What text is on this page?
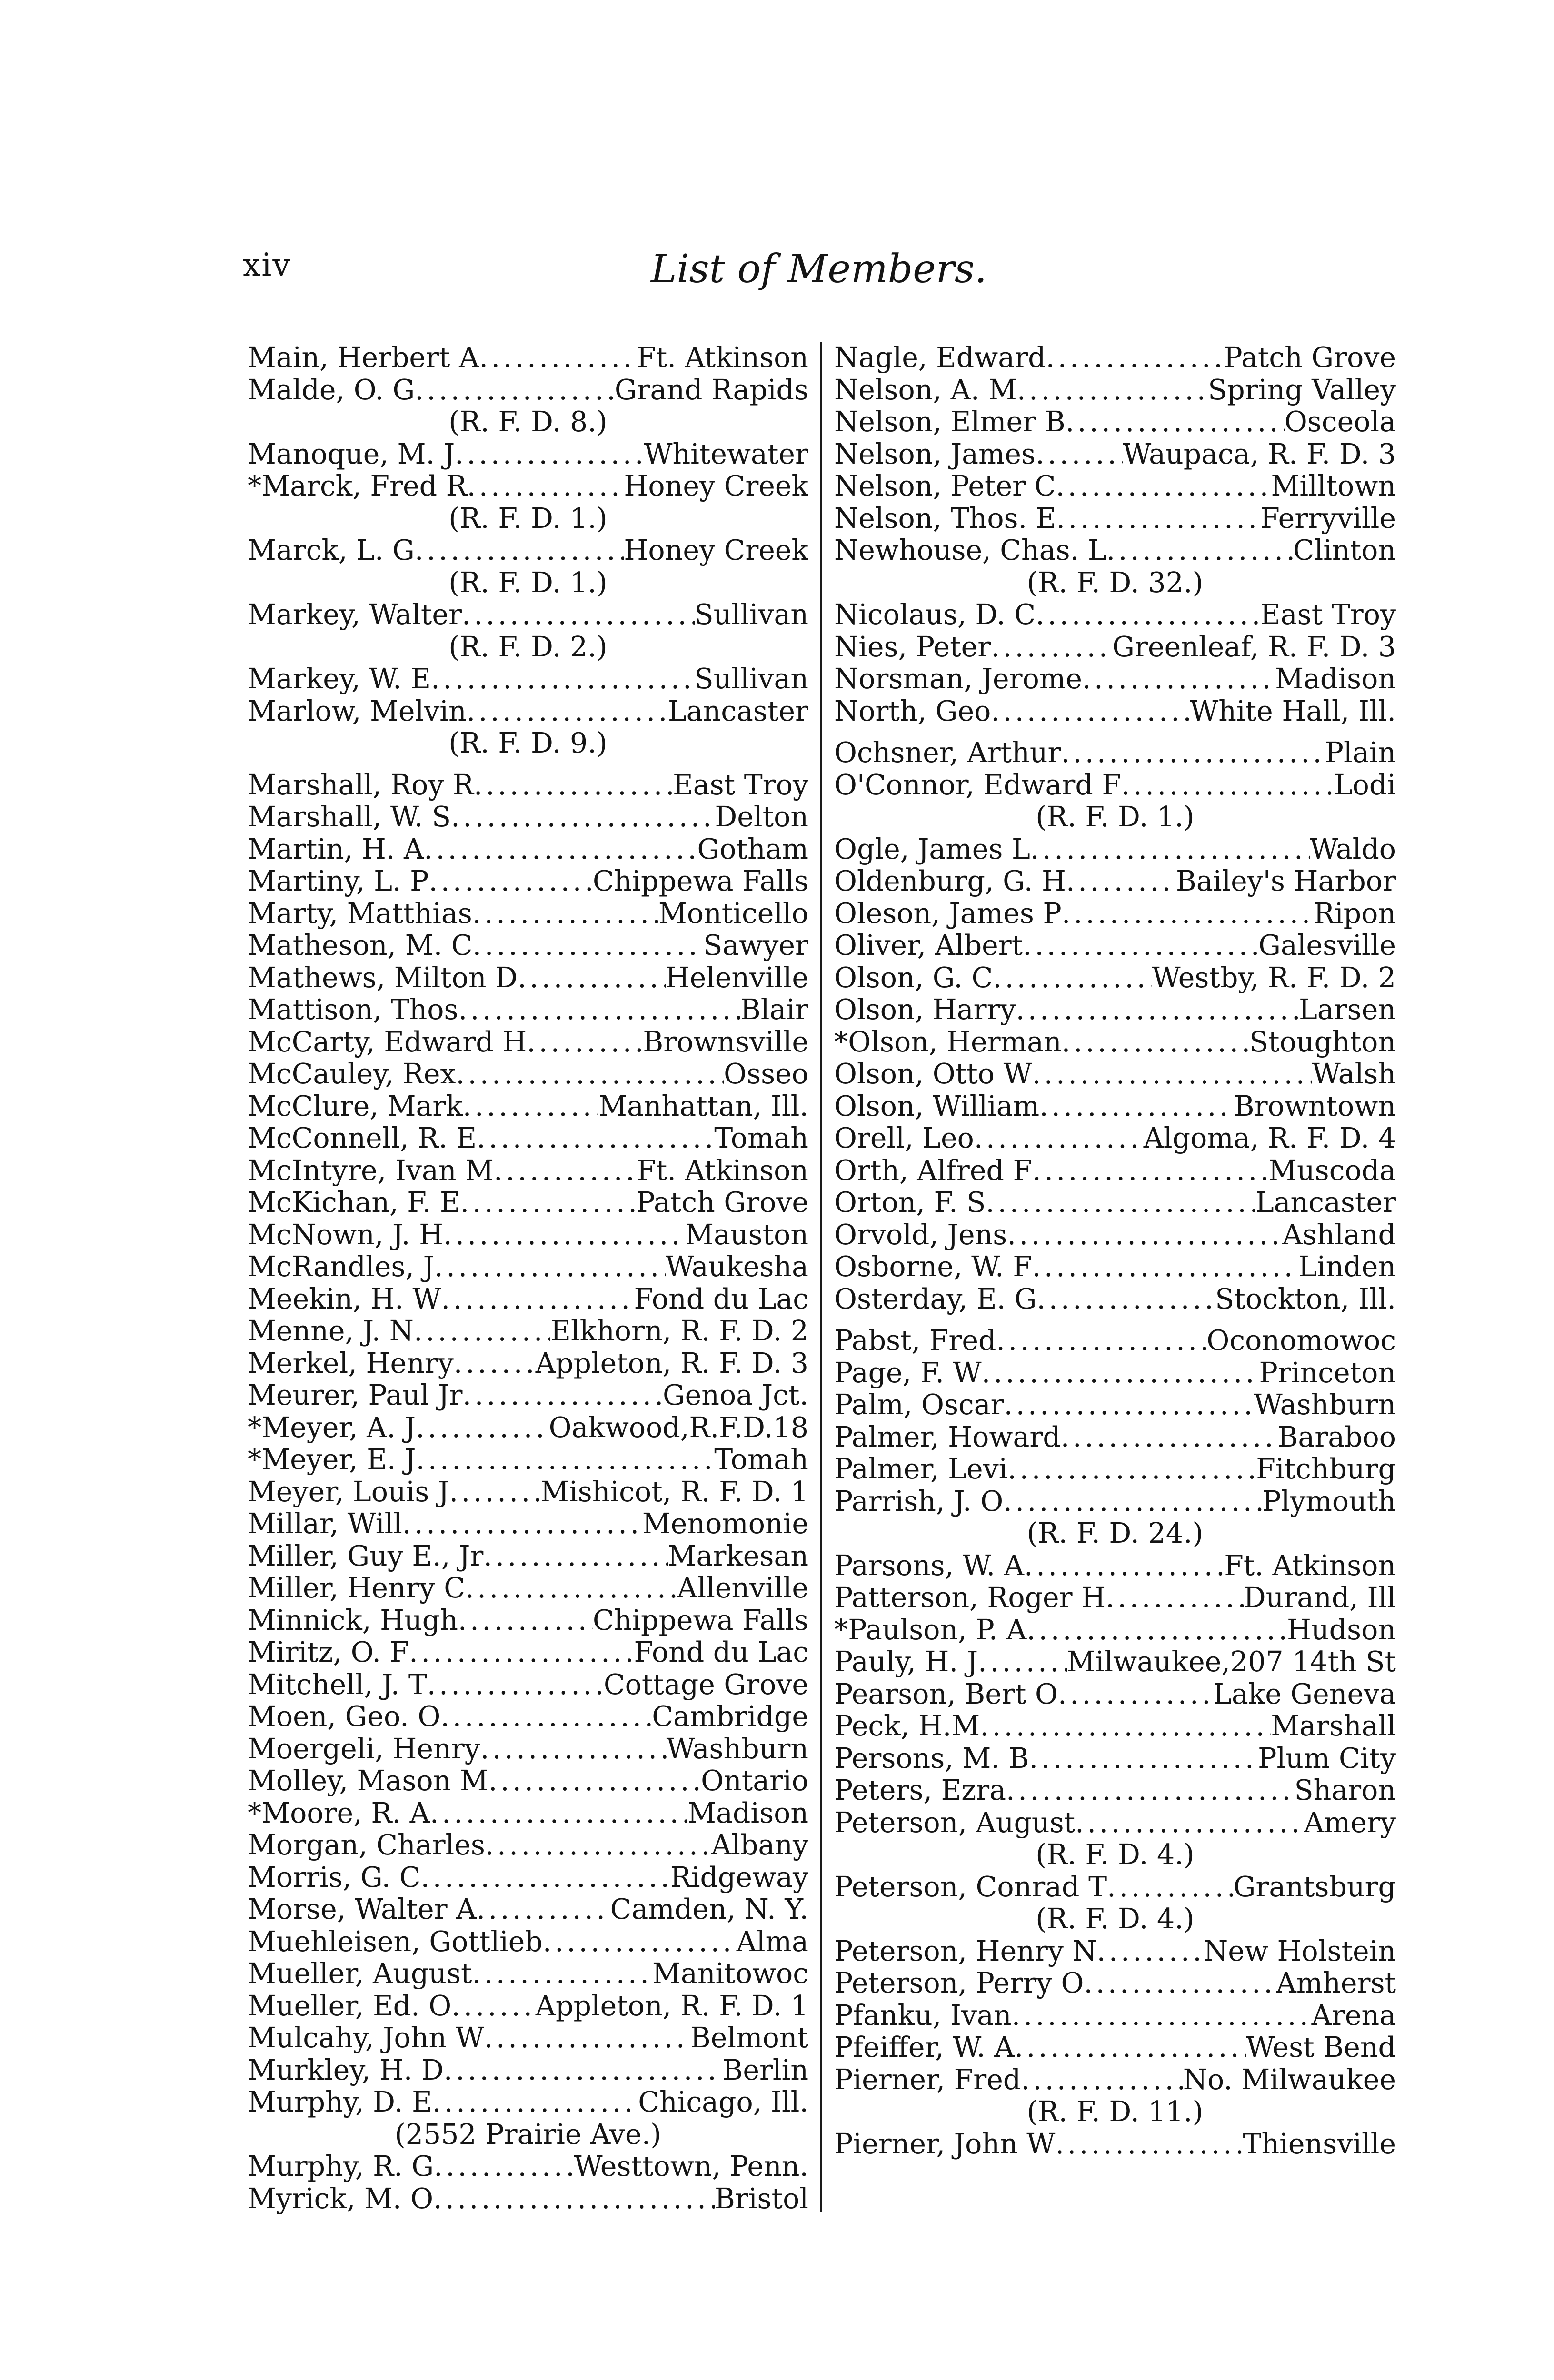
xiv	List of Members.
Main, Herbert A . . .	Ft. Atkinson
Malde, O. G . . .	Grand Rapids
(R. F. D. 8.)
Manoque, M. J . . .	Whitewater
*Marck, Fred R . . .	Honey Creek
(R. F. D. 1.)
Marck, L. G . . .	Honey Creek
(R. F. D. 1.)
Markey, Walter . . .	Sullivan
(R. F. D. 2.)
Markey, W. E . . .	Sullivan
Marlow, Melvin . . .	Lancaster
(R. F. D. 9.)
Marshall, Roy R . . .	East Troy
Marshall, W. S . . .	Delton
Martin, H. A . . .	Gotham
Martiny, L. P . . .	Chippewa Falls
Marty, Matthias . . .	Monticello
Matheson, M. C . . .	Sawyer
Mathews, Milton D . . .	Helenville
Mattison, Thos . . .	Blair
McCarty, Edward H . . .	Brownsville
McCauley, Rex . . .	Osseo
McClure, Mark . . .	Manhattan, Ill.
McConnell, R. E . . .	Tomah
McIntyre, Ivan M . . .	Ft. Atkinson
McKichan, F. E . . .	Patch Grove
McNown, J. H . . .	Mauston
McRandles, J . . .	Waukesha
Meekin, H. W . . .	Fond du Lac
Menne, J. N . . .	Elkhorn, R. F. D. 2
Merkel, Henry . . .	Appleton, R. F. D. 3
Meurer, Paul Jr . . .	Genoa Jct.
*Meyer, A. J . . .	Oakwood,R.F.D.18
*Meyer, E. J . . .	Tomah
Meyer, Louis J . . .	Mishicot, R. F. D. 1
Millar, Will . . .	Menomonie
Miller, Guy E., Jr . . .	Markesan
Miller, Henry C . . .	Allenville
Minnick, Hugh . . .	Chippewa Falls
Miritz, O. F . . .	Fond du Lac
Mitchell, J. T . . .	Cottage Grove
Moen, Geo. O . . .	Cambridge
Moergeli, Henry . . .	Washburn
Molley, Mason M . . .	Ontario
*Moore, R. A . . .	Madison
Morgan, Charles . . .	Albany
Morris, G. C . . .	Ridgeway
Morse, Walter A . . .	Camden, N. Y.
Muehleisen, Gottlieb . . .	Alma
Mueller, August . . .	Manitowoc
Mueller, Ed. O . . .	Appleton, R. F. D. 1
Mulcahy, John W . . .	Belmont
Murkley, H. D . . .	Berlin
Murphy, D. E . . .	Chicago, Ill.
(2552 Prairie Ave.)
Murphy, R. G . . .	Westtown, Penn.
Myrick, M. O . . .	Bristol
Nagle, Edward . . .	Patch Grove
Nelson, A. M . . .	Spring Valley
Nelson, Elmer B . . .	Osceola
Nelson, James . . .	Waupaca, R. F. D. 3
Nelson, Peter C . . .	Milltown
Nelson, Thos. E . . .	Ferryville
Newhouse, Chas. L . . .	Clinton
(R. F. D. 32.)
Nicolaus, D. C . . .	East Troy
Nies, Peter . . .	Greenleaf, R. F. D. 3
Norsman, Jerome . . .	Madison
North, Geo . . .	White Hall, Ill.
Ochsner, Arthur . . .	Plain
O'Connor, Edward F . . .	Lodi
(R. F. D. 1.)
Ogle, James L . . .	Waldo
Oldenburg, G. H . . .	Bailey's Harbor
Oleson, James P . . .	Ripon
Oliver, Albert . . .	Galesville
Olson, G. C . . .	Westby, R. F. D. 2
Olson, Harry . . .	Larsen
*Olson, Herman . . .	Stoughton
Olson, Otto W . . .	Walsh
Olson, William . . .	Browntown
Orell, Leo . . .	Algoma, R. F. D. 4
Orth, Alfred F . . .	Muscoda
Orton, F. S . . .	Lancaster
Orvold, Jens . . .	Ashland
Osborne, W. F . . .	Linden
Osterday, E. G . . .	Stockton, Ill.
Pabst, Fred . . .	Oconomowoc
Page, F. W . . .	Princeton
Palm, Oscar . . .	Washburn
Palmer, Howard . . .	Baraboo
Palmer, Levi . . .	Fitchburg
Parrish, J. O . . .	Plymouth
(R. F. D. 24.)
Parsons, W. A . . .	Ft. Atkinson
Patterson, Roger H . . .	Durand, Ill
*Paulson, P. A . . .	Hudson
Pauly, H. J . . .	Milwaukee,207 14th St
Pearson, Bert O . . .	Lake Geneva
Peck, H.M . . .	Marshall
Persons, M. B . . .	Plum City
Peters, Ezra . . .	Sharon
Peterson, August . . .	Amery
(R. F. D. 4.)
Peterson, Conrad T . . .	Grantsburg
(R. F. D. 4.)
Peterson, Henry N . . .	New Holstein
Peterson, Perry O . . .	Amherst
Pfanku, Ivan . . .	Arena
Pfeiffer, W. A . . .	West Bend
Pierner, Fred . . .	No. Milwaukee
(R. F. D. 11.)
Pierner, John W . . .	Thiensville
